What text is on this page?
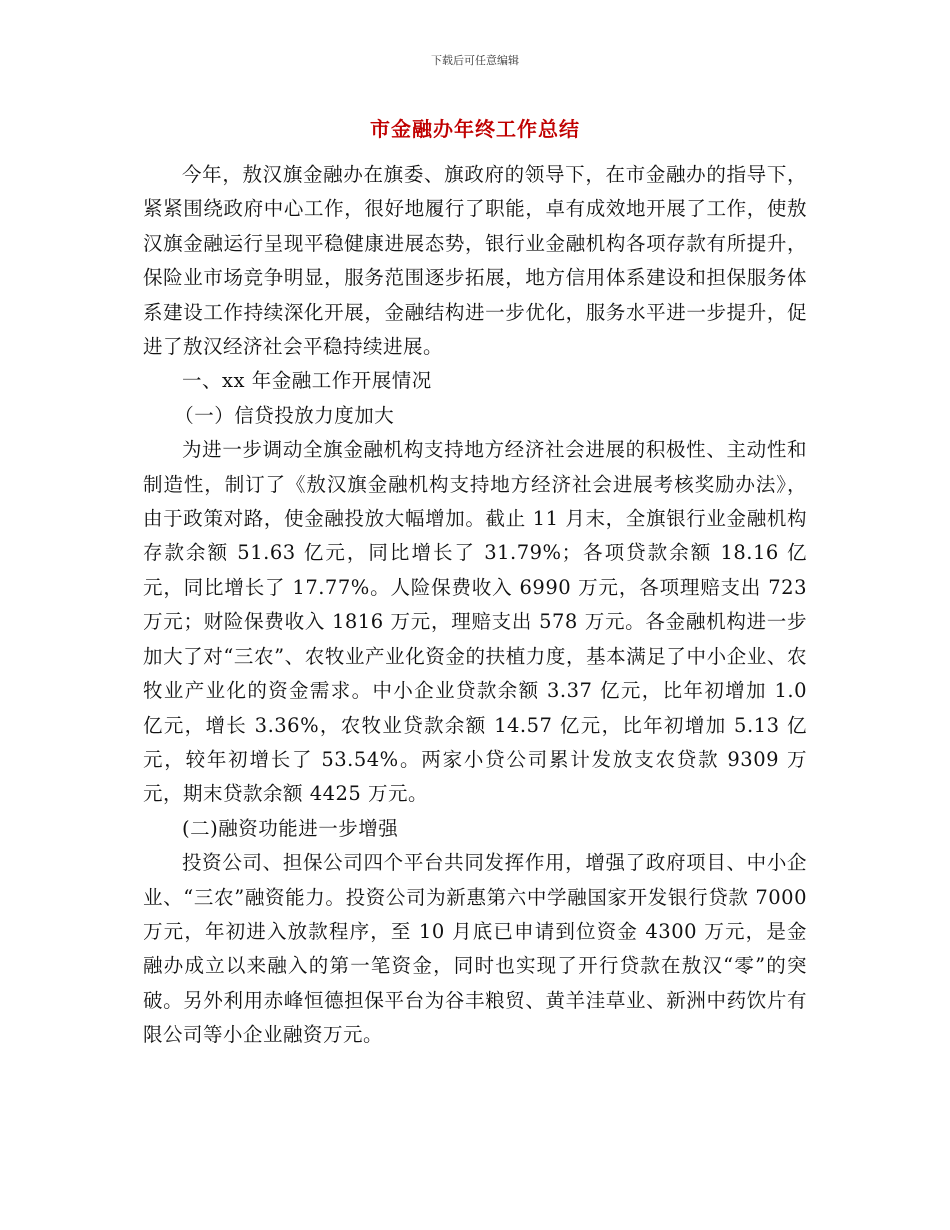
下载后可任意编辑
市金融办年终工作总结

今年，敖汉旗金融办在旗委、旗政府的领导下，在市金融办的指导下，紧紧围绕政府中心工作，很好地履行了职能，卓有成效地开展了工作，使敖汉旗金融运行呈现平稳健康进展态势，银行业金融机构各项存款有所提升，保险业市场竞争明显，服务范围逐步拓展，地方信用体系建设和担保服务体系建设工作持续深化开展，金融结构进一步优化，服务水平进一步提升，促进了敖汉经济社会平稳持续进展。

一、xx 年金融工作开展情况

（一）信贷投放力度加大

为进一步调动全旗金融机构支持地方经济社会进展的积极性、主动性和制造性，制订了《敖汉旗金融机构支持地方经济社会进展考核奖励办法》，由于政策对路，使金融投放大幅增加。截止 11 月末，全旗银行业金融机构存款余额 51.63 亿元，同比增长了 31.79%；各项贷款余额 18.16 亿元，同比增长了 17.77%。人险保费收入 6990 万元，各项理赔支出 723 万元；财险保费收入 1816 万元，理赔支出 578 万元。各金融机构进一步加大了对“三农”、农牧业产业化资金的扶植力度，基本满足了中小企业、农牧业产业化的资金需求。中小企业贷款余额 3.37 亿元，比年初增加 1.0 亿元，增长 3.36%，农牧业贷款余额 14.57 亿元，比年初增加 5.13 亿元，较年初增长了 53.54%。两家小贷公司累计发放支农贷款 9309 万元，期末贷款余额 4425 万元。

(二)融资功能进一步增强

投资公司、担保公司四个平台共同发挥作用，增强了政府项目、中小企业、“三农”融资能力。投资公司为新惠第六中学融国家开发银行贷款 7000 万元，年初进入放款程序，至 10 月底已申请到位资金 4300 万元，是金融办成立以来融入的第一笔资金，同时也实现了开行贷款在敖汉“零”的突破。另外利用赤峰恒德担保平台为谷丰粮贸、黄羊洼草业、新洲中药饮片有限公司等小企业融资万元。
